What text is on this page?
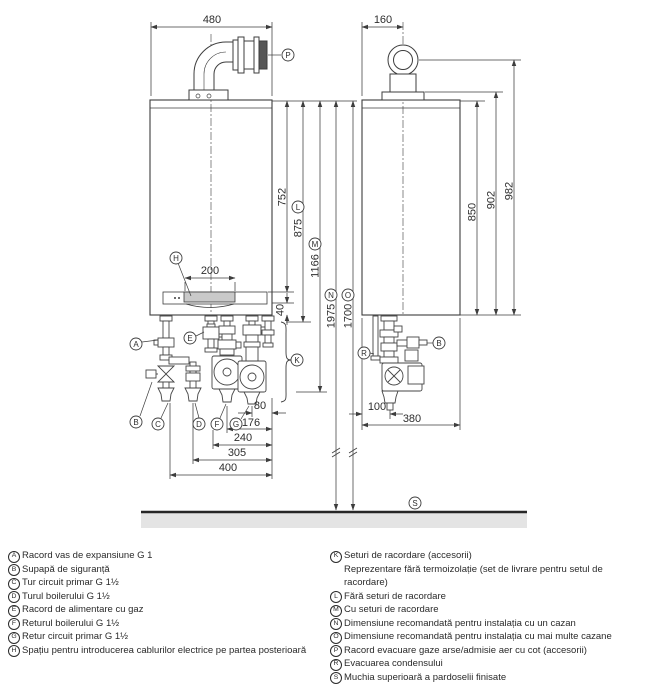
480	160
200
752
40
875
1166
1975 1700
80
176
240
305
400
850
902 982
100
380
P
H
A
B C	D
E
F G
K
L
M
N O
R
B
S
A Racord vas de expansiune G 1
B Supapă de siguranță
C Tur circuit primar G 1½
D Turul boilerului G 1½
E Racord de alimentare cu gaz
F Returul boilerului G 1½
G Retur circuit primar G 1½
H Spațiu pentru introducerea cablurilor electrice pe partea posterioară
K Seturi de racordare (accesorii)
Reprezentare fără termoizolație (set de livrare pentru setul de racordare)
L Fără seturi de racordare
M Cu seturi de racordare
N Dimensiune recomandată pentru instalația cu un cazan
O Dimensiune recomandată pentru instalația cu mai multe cazane
P Racord evacuare gaze arse/admisie aer cu cot (accesorii)
R Evacuarea condensului
S Muchia superioară a pardoselii finisate
